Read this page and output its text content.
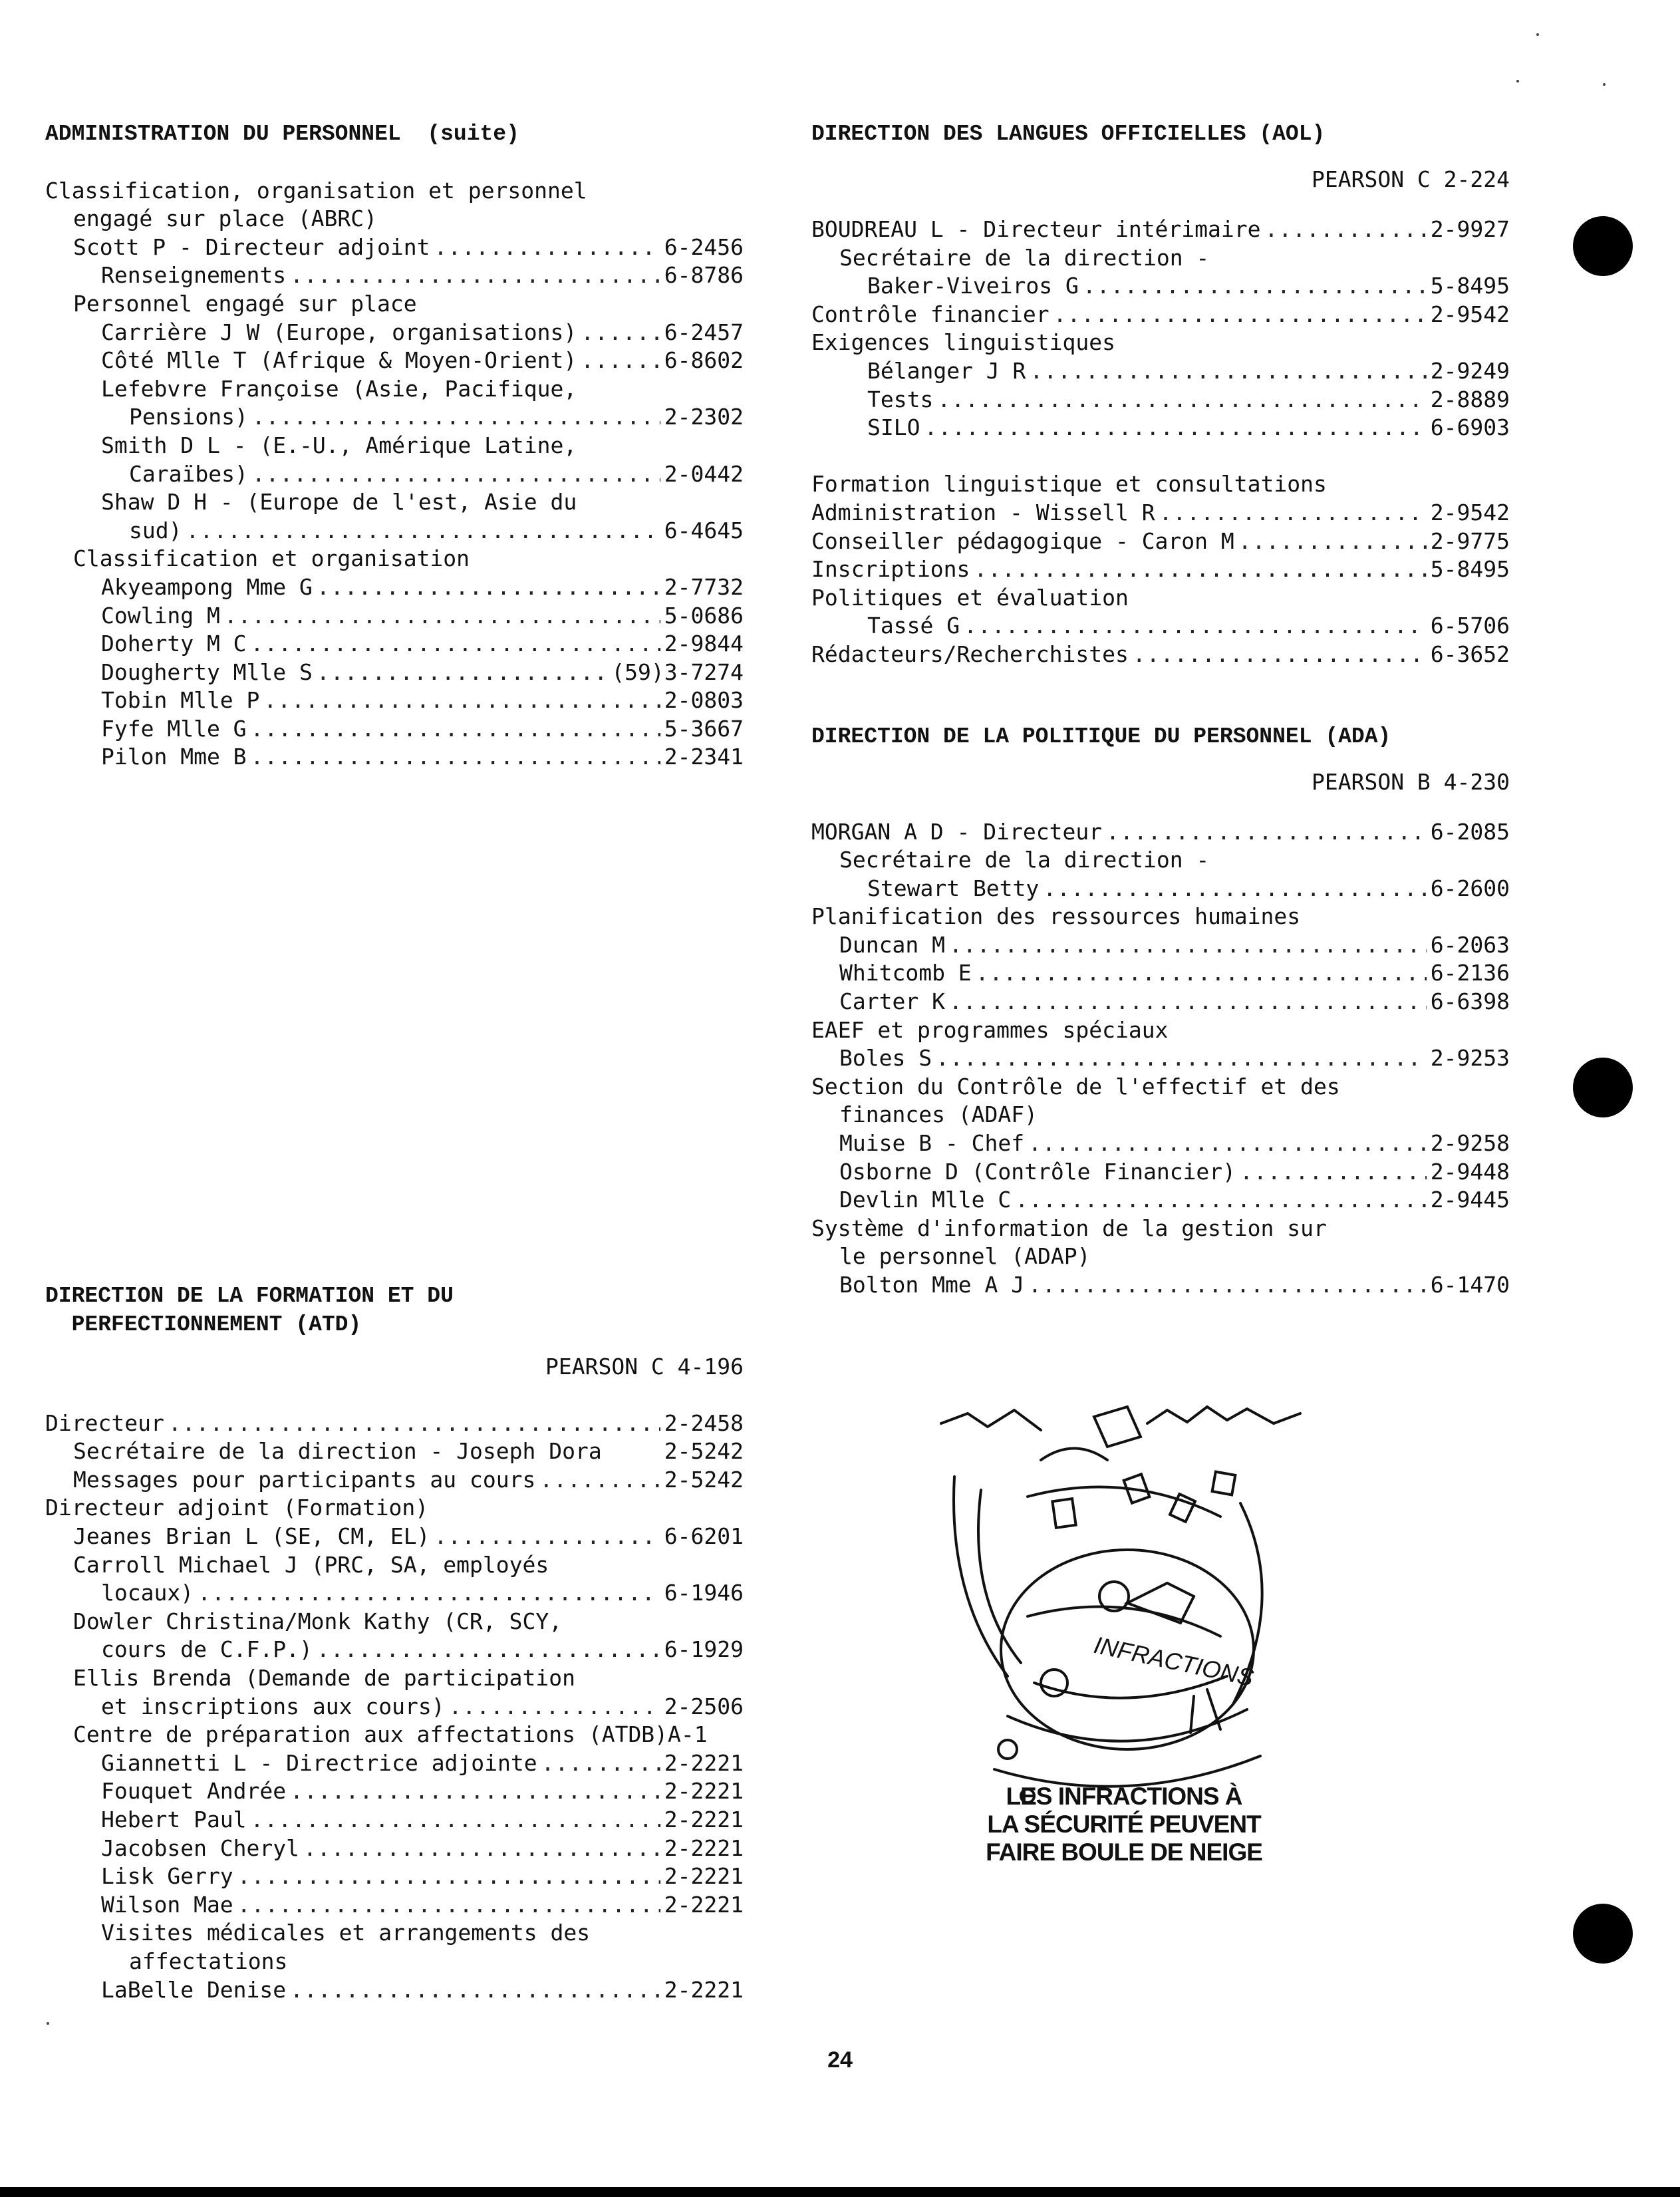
ADMINISTRATION DU PERSONNEL  (suite)
Classification, organisation et personnel
engagé sur place (ABRC)
Scott P - Directeur adjoint .....	6-2456
Renseignements .....	6-8786
Personnel engagé sur place
Carrière J W (Europe, organisations) .....	6-2457
Côté Mlle T (Afrique & Moyen-Orient) .....	6-8602
Lefebvre Françoise (Asie, Pacifique,
Pensions) .....	2-2302
Smith D L - (E.-U., Amérique Latine,
Caraïbes) .....	2-0442
Shaw D H - (Europe de l'est, Asie du
sud) .....	6-4645
Classification et organisation
Akyeampong Mme G .....	2-7732
Cowling M .....	5-0686
Doherty M C .....	2-9844
Dougherty Mlle S .....	(59)3-7274
Tobin Mlle P .....	2-0803
Fyfe Mlle G .....	5-3667
Pilon Mme B .....	2-2341
DIRECTION DE LA FORMATION ET DU
PERFECTIONNEMENT (ATD)
PEARSON C 4-196
Directeur .....	2-2458
Secrétaire de la direction - Joseph Dora	2-5242
Messages pour participants au cours .....	2-5242
Directeur adjoint (Formation)
Jeanes Brian L (SE, CM, EL) .....	6-6201
Carroll Michael J (PRC, SA, employés
locaux) .....	6-1946
Dowler Christina/Monk Kathy (CR, SCY,
cours de C.F.P.) .....	6-1929
Ellis Brenda (Demande de participation
et inscriptions aux cours) .....	2-2506
Centre de préparation aux affectations (ATDB)A-1
Giannetti L - Directrice adjointe .....	2-2221
Fouquet Andrée .....	2-2221
Hebert Paul .....	2-2221
Jacobsen Cheryl .....	2-2221
Lisk Gerry .....	2-2221
Wilson Mae .....	2-2221
Visites médicales et arrangements des
affectations
LaBelle Denise .....	2-2221
DIRECTION DES LANGUES OFFICIELLES (AOL)
PEARSON C 2-224
BOUDREAU L - Directeur intérimaire .....	2-9927
Secrétaire de la direction -
Baker-Viveiros G .....	5-8495
Contrôle financier .....	2-9542
Exigences linguistiques
Bélanger J R .....	2-9249
Tests .....	2-8889
SILO .....	6-6903
Formation linguistique et consultations
Administration - Wissell R .....	2-9542
Conseiller pédagogique - Caron M .....	2-9775
Inscriptions .....	5-8495
Politiques et évaluation
Tassé G .....	6-5706
Rédacteurs/Recherchistes .....	6-3652
DIRECTION DE LA POLITIQUE DU PERSONNEL (ADA)
PEARSON B 4-230
MORGAN A D - Directeur .....	6-2085
Secrétaire de la direction -
Stewart Betty .....	6-2600
Planification des ressources humaines
Duncan M .....	6-2063
Whitcomb E .....	6-2136
Carter K .....	6-6398
EAEF et programmes spéciaux
Boles S .....	2-9253
Section du Contrôle de l'effectif et des
finances (ADAF)
Muise B - Chef .....	2-9258
Osborne D (Contrôle Financier) .....	2-9448
Devlin Mlle C .....	2-9445
Système d'information de la gestion sur
le personnel (ADAP)
Bolton Mme A J .....	6-1470
INFRACTIONS
LES INFRACTIONS À
LA SÉCURITÉ PEUVENT
FAIRE BOULE DE NEIGE
24
